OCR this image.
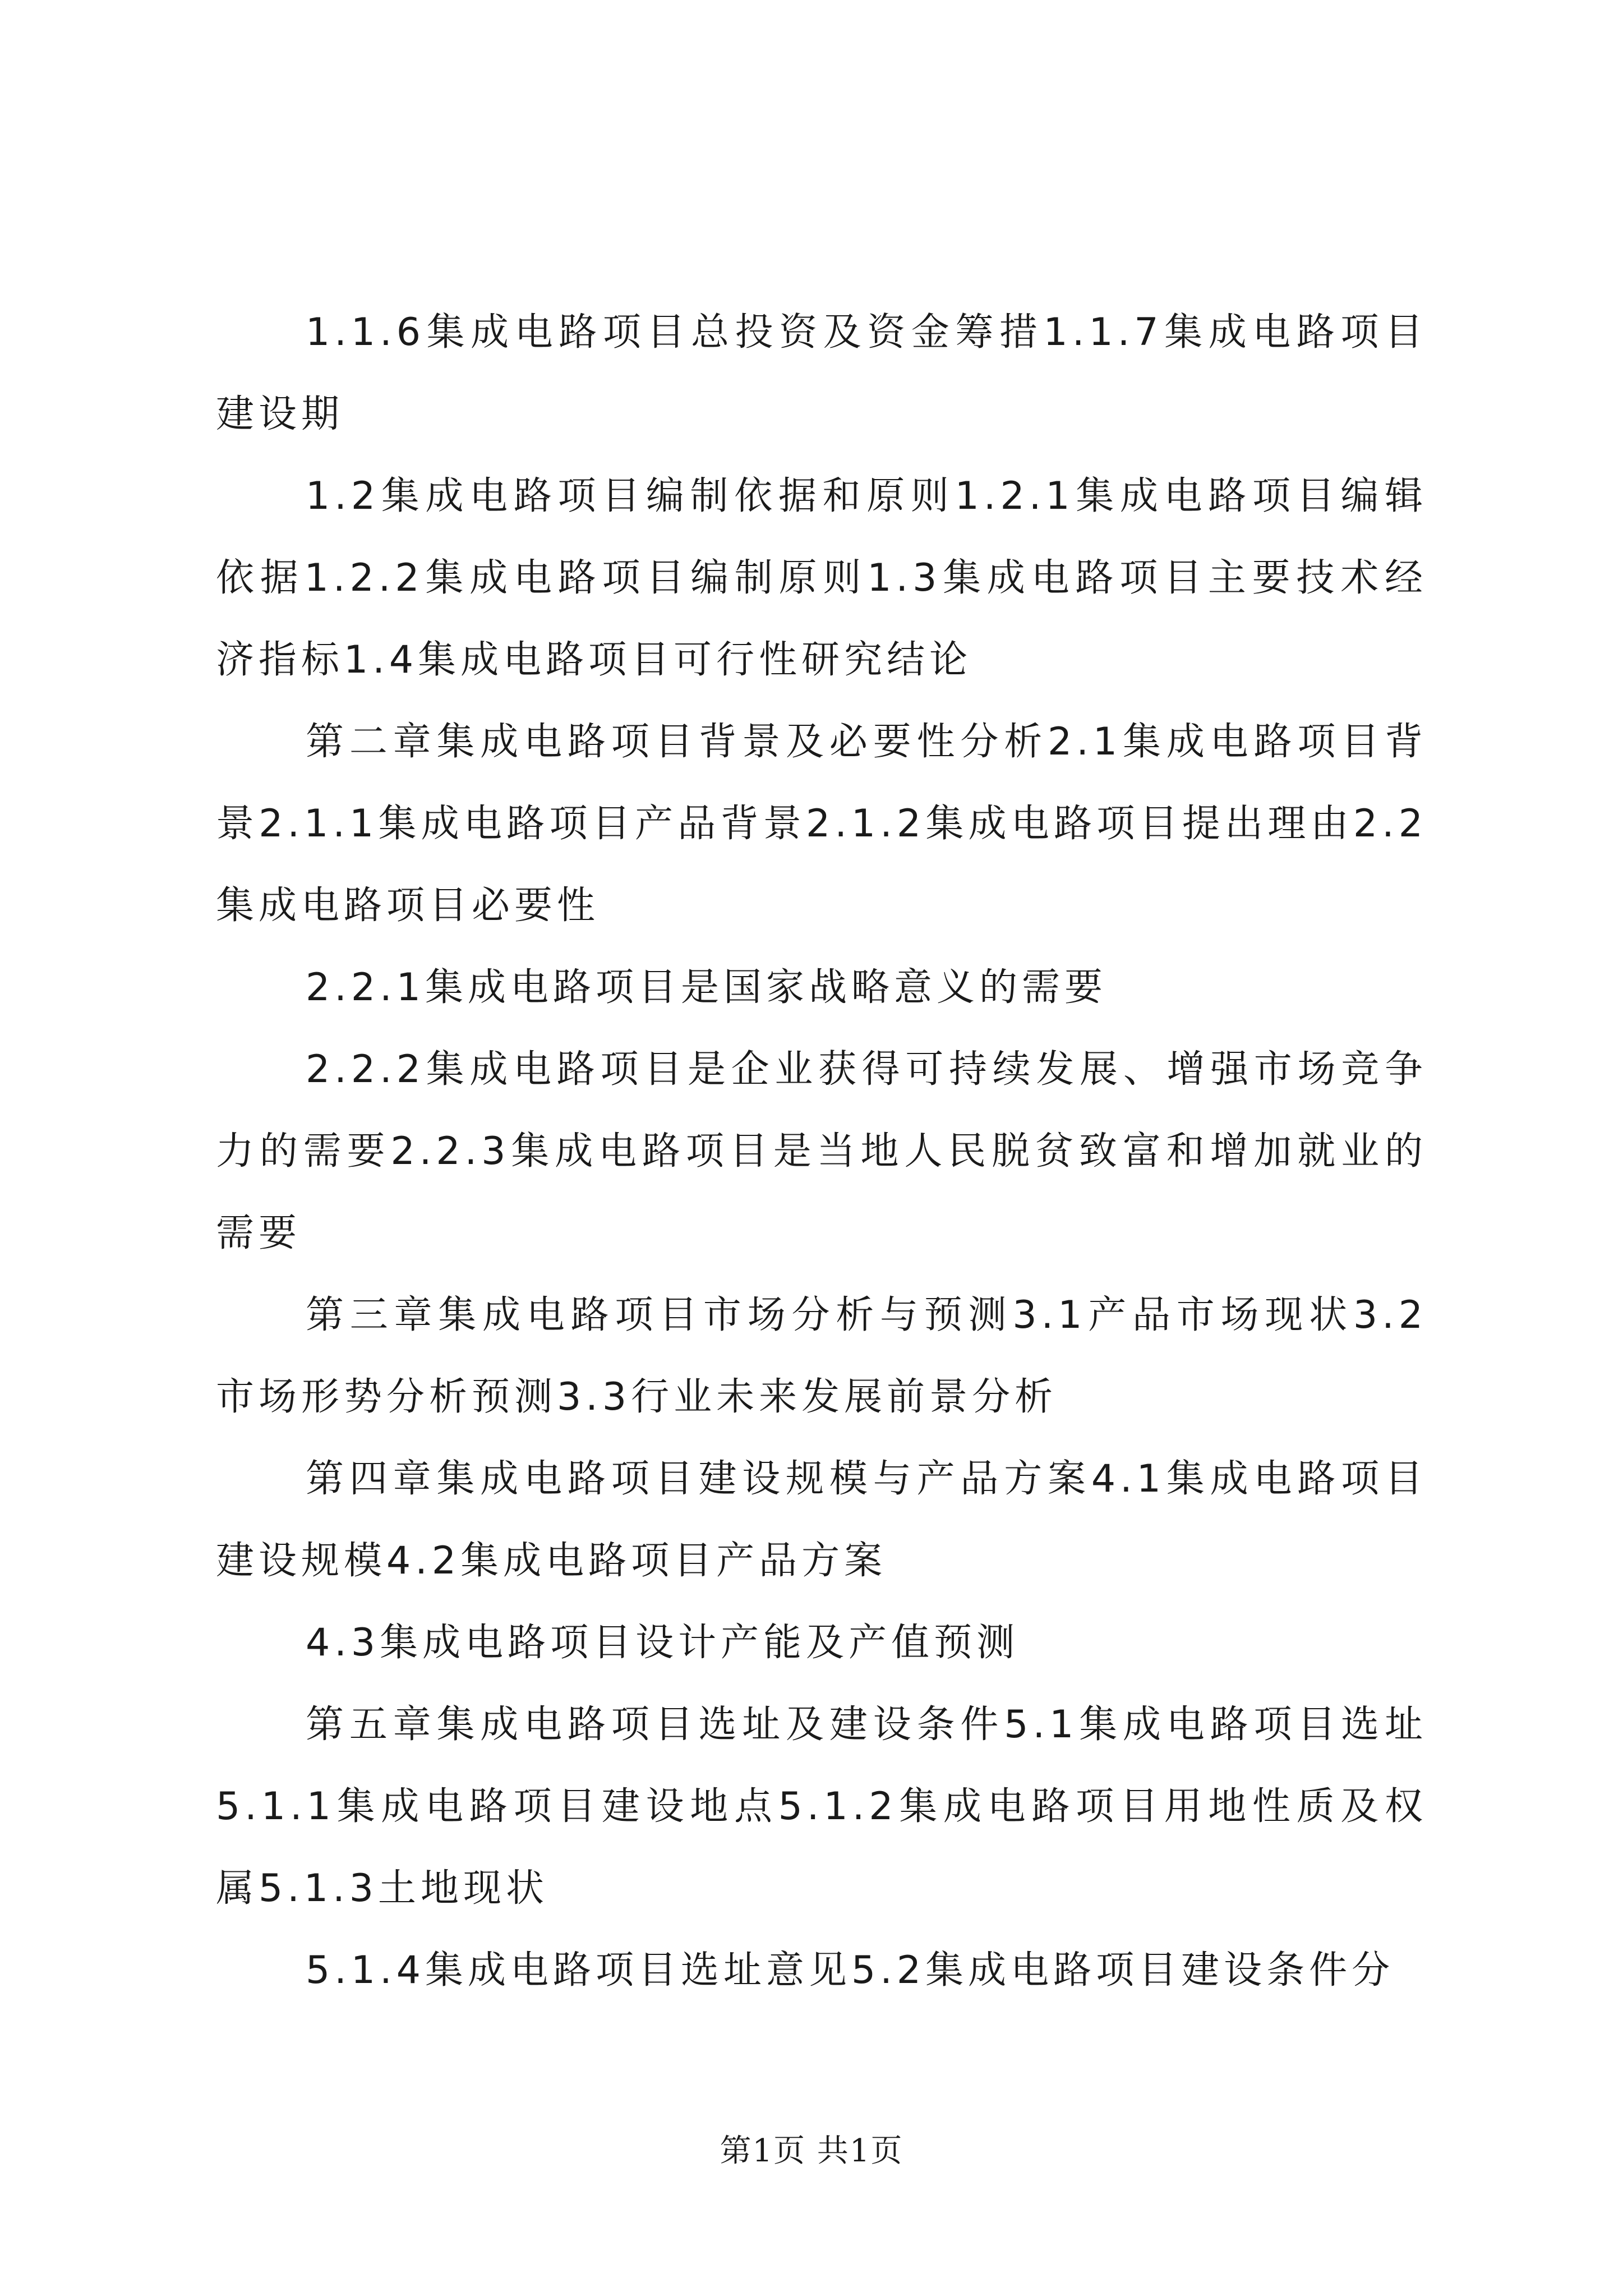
1.1.6集成电路项目总投资及资金筹措1.1.7集成电路项目建设期

1.2集成电路项目编制依据和原则1.2.1集成电路项目编辑依据1.2.2集成电路项目编制原则1.3集成电路项目主要技术经济指标1.4集成电路项目可行性研究结论

第二章集成电路项目背景及必要性分析2.1集成电路项目背景2.1.1集成电路项目产品背景2.1.2集成电路项目提出理由2.2集成电路项目必要性

2.2.1集成电路项目是国家战略意义的需要

2.2.2集成电路项目是企业获得可持续发展、增强市场竞争力的需要2.2.3集成电路项目是当地人民脱贫致富和增加就业的需要

第三章集成电路项目市场分析与预测3.1产品市场现状3.2市场形势分析预测3.3行业未来发展前景分析

第四章集成电路项目建设规模与产品方案4.1集成电路项目建设规模4.2集成电路项目产品方案

4.3集成电路项目设计产能及产值预测

第五章集成电路项目选址及建设条件5.1集成电路项目选址5.1.1集成电路项目建设地点5.1.2集成电路项目用地性质及权属5.1.3土地现状

5.1.4集成电路项目选址意见5.2集成电路项目建设条件分

第1页 共1页
